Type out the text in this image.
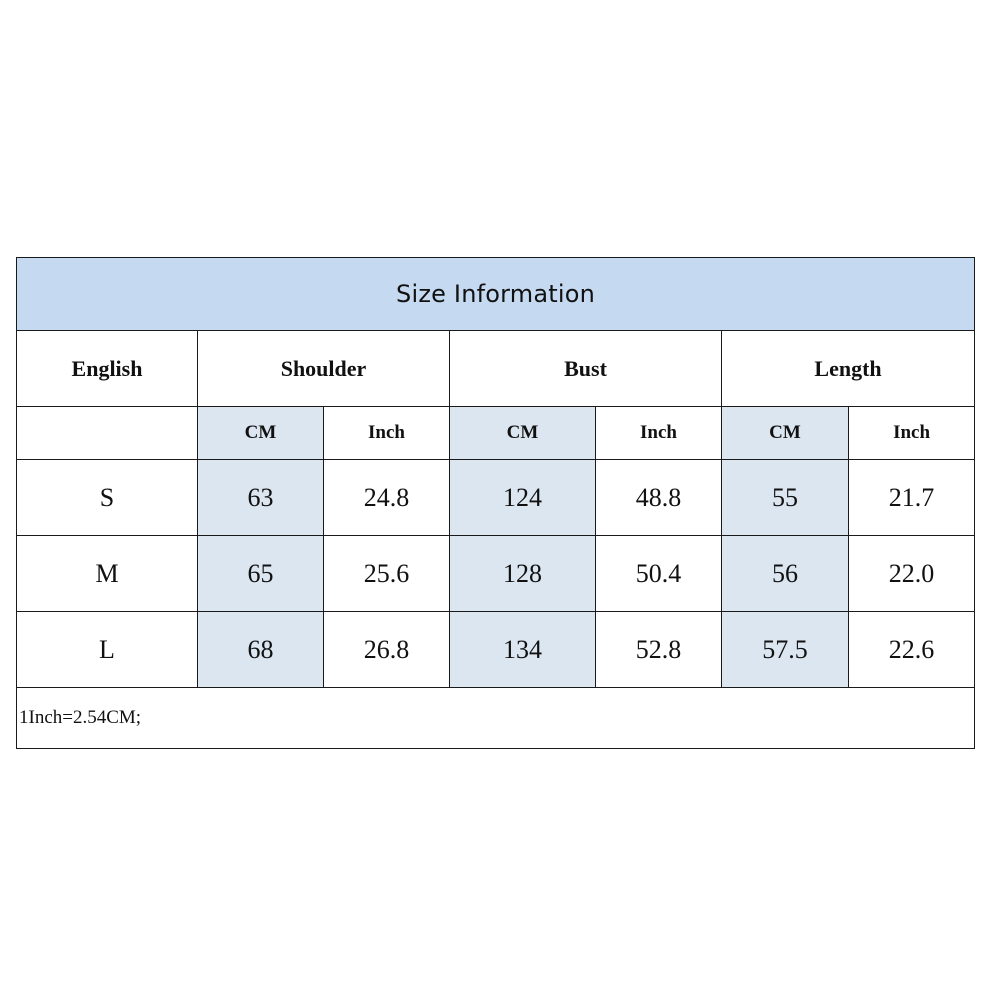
Size Information						
English	Shoulder		Bust		Length	
	CM	Inch	CM	Inch	CM	Inch
S	63	24.8	124	48.8	55	21.7
M	65	25.6	128	50.4	56	22.0
L	68	26.8	134	52.8	57.5	22.6
1Inch=2.54CM;						
